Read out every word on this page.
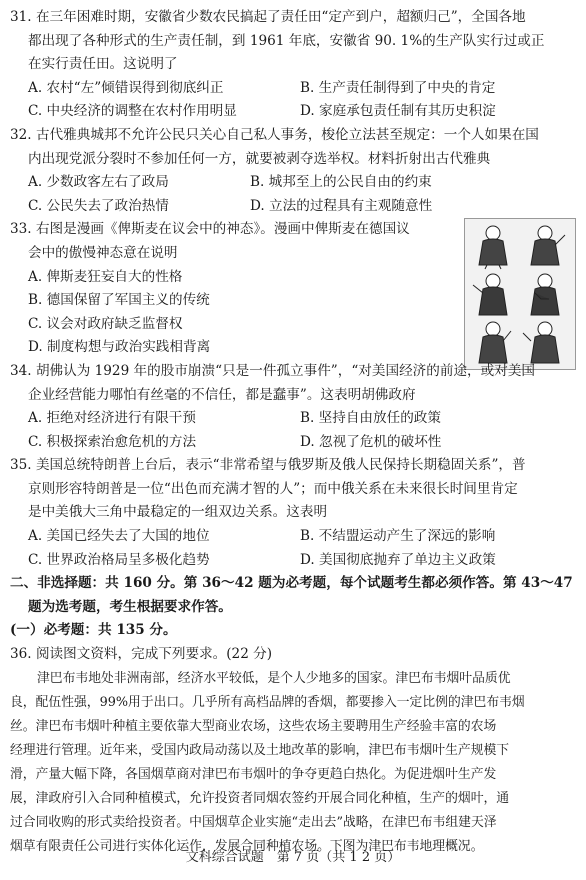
31. 在三年困难时期，安徽省少数农民搞起了责任田“定产到户，超额归己”，全国各地
都出现了各种形式的生产责任制，到 1961 年底，安徽省 90. 1%的生产队实行过或正
在实行责任田。这说明了
A. 农村“左”倾错误得到彻底纠正	B. 生产责任制得到了中央的肯定
C. 中央经济的调整在农村作用明显	D. 家庭承包责任制有其历史积淀
32. 古代雅典城邦不允许公民只关心自己私人事务，梭伦立法甚至规定：一个人如果在国
内出现党派分裂时不参加任何一方，就要被剥夺选举权。材料折射出古代雅典
A. 少数政客左右了政局	B. 城邦至上的公民自由的约束
C. 公民失去了政治热情	D. 立法的过程具有主观随意性
33. 右图是漫画《俾斯麦在议会中的神态》。漫画中俾斯麦在德国议
会中的傲慢神态意在说明
A. 俾斯麦狂妄自大的性格
B. 德国保留了军国主义的传统
C. 议会对政府缺乏监督权
D. 制度构想与政治实践相背离
34. 胡佛认为 1929 年的股市崩溃“只是一件孤立事件”，“对美国经济的前途，或对美国
企业经营能力哪怕有丝毫的不信任，都是蠢事”。这表明胡佛政府
A. 拒绝对经济进行有限干预	B. 坚持自由放任的政策
C. 积极探索治愈危机的方法	D. 忽视了危机的破坏性
35. 美国总统特朗普上台后，表示“非常希望与俄罗斯及俄人民保持长期稳固关系”，普
京则形容特朗普是一位“出色而充满才智的人”；而中俄关系在未来很长时间里肯定
是中美俄大三角中最稳定的一组双边关系。这表明
A. 美国已经失去了大国的地位	B. 不结盟运动产生了深远的影响
C. 世界政治格局呈多极化趋势	D. 美国彻底抛弃了单边主义政策
二、非选择题：共 160 分。第 36～42 题为必考题，每个试题考生都必须作答。第 43～47
题为选考题，考生根据要求作答。
(一）必考题：共 135 分。
36. 阅读图文资料，完成下列要求。(22 分)
津巴布韦地处非洲南部，经济水平较低，是个人少地多的国家。津巴布韦烟叶品质优
良，配伍性强，99%用于出口。几乎所有高档品牌的香烟，都要掺入一定比例的津巴布韦烟
丝。津巴布韦烟叶种植主要依靠大型商业农场，这些农场主要聘用生产经验丰富的农场
经理进行管理。近年来，受国内政局动荡以及土地改革的影响，津巴布韦烟叶生产规模下
滑，产量大幅下降，各国烟草商对津巴布韦烟叶的争夺更趋白热化。为促进烟叶生产发
展，津政府引入合同种植模式，允许投资者同烟农签约开展合同化种植，生产的烟叶，通
过合同收购的形式卖给投资者。中国烟草企业实施“走出去”战略，在津巴布韦组建天泽
烟草有限责任公司进行实体化运作，发展合同种植农场。下图为津巴布韦地理概况。
文科综合试题　第 7 页（共 1 2 页）
